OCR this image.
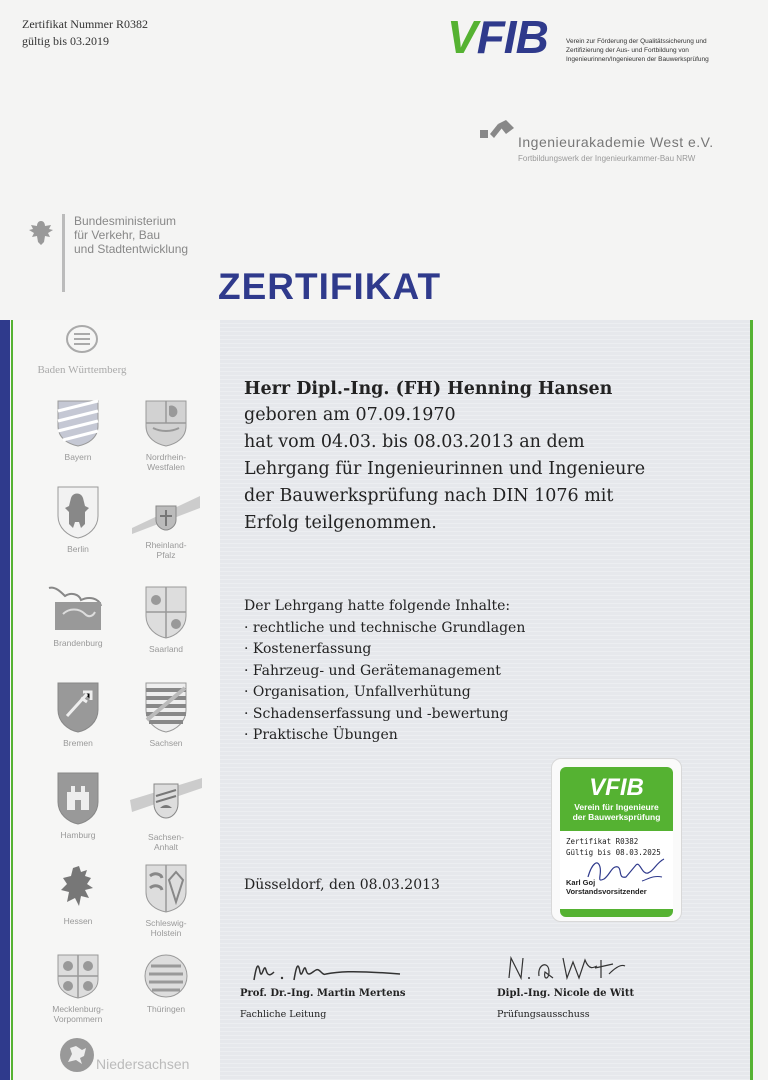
Zertifikat Nummer R0382
gültig bis 03.2019	VFIB	Verein zur Förderung der Qualitätssicherung und
Zertifizierung der Aus- und Fortbildung von
Ingenieurinnen/Ingenieuren der Bauwerksprüfung
Ingenieurakademie West e.V.
Fortbildungswerk der Ingenieurkammer-Bau NRW
Bundesministerium
für Verkehr, Bau
und Stadtentwicklung
ZERTIFIKAT
Baden Württemberg
Bayern	Nordrhein-
Westfalen
Berlin	Rheinland-
Pfalz
Brandenburg
Saarland
Bremen	Sachsen
Hamburg	Sachsen-
Anhalt
Hessen	Schleswig-
Holstein
Mecklenburg-
Vorpommern
Thüringen
Niedersachsen
Herr Dipl.-Ing. (FH) Henning Hansen
geboren am 07.09.1970
hat vom 04.03. bis 08.03.2013 an dem
Lehrgang für Ingenieurinnen und Ingenieure
der Bauwerksprüfung nach DIN 1076 mit
Erfolg teilgenommen.
Der Lehrgang hatte folgende Inhalte:
· rechtliche und technische Grundlagen
· Kostenerfassung
· Fahrzeug- und Gerätemanagement
· Organisation, Unfallverhütung
· Schadenserfassung und -bewertung
· Praktische Übungen
Düsseldorf, den 08.03.2013
VFIB
Verein für Ingenieure
der Bauwerksprüfung
Zertifikat R0382
Gültig bis 08.03.2025
Karl Goj
Vorstandsvorsitzender
Prof. Dr.-Ing. Martin Mertens
Fachliche Leitung
Dipl.-Ing. Nicole de Witt
Prüfungsausschuss
